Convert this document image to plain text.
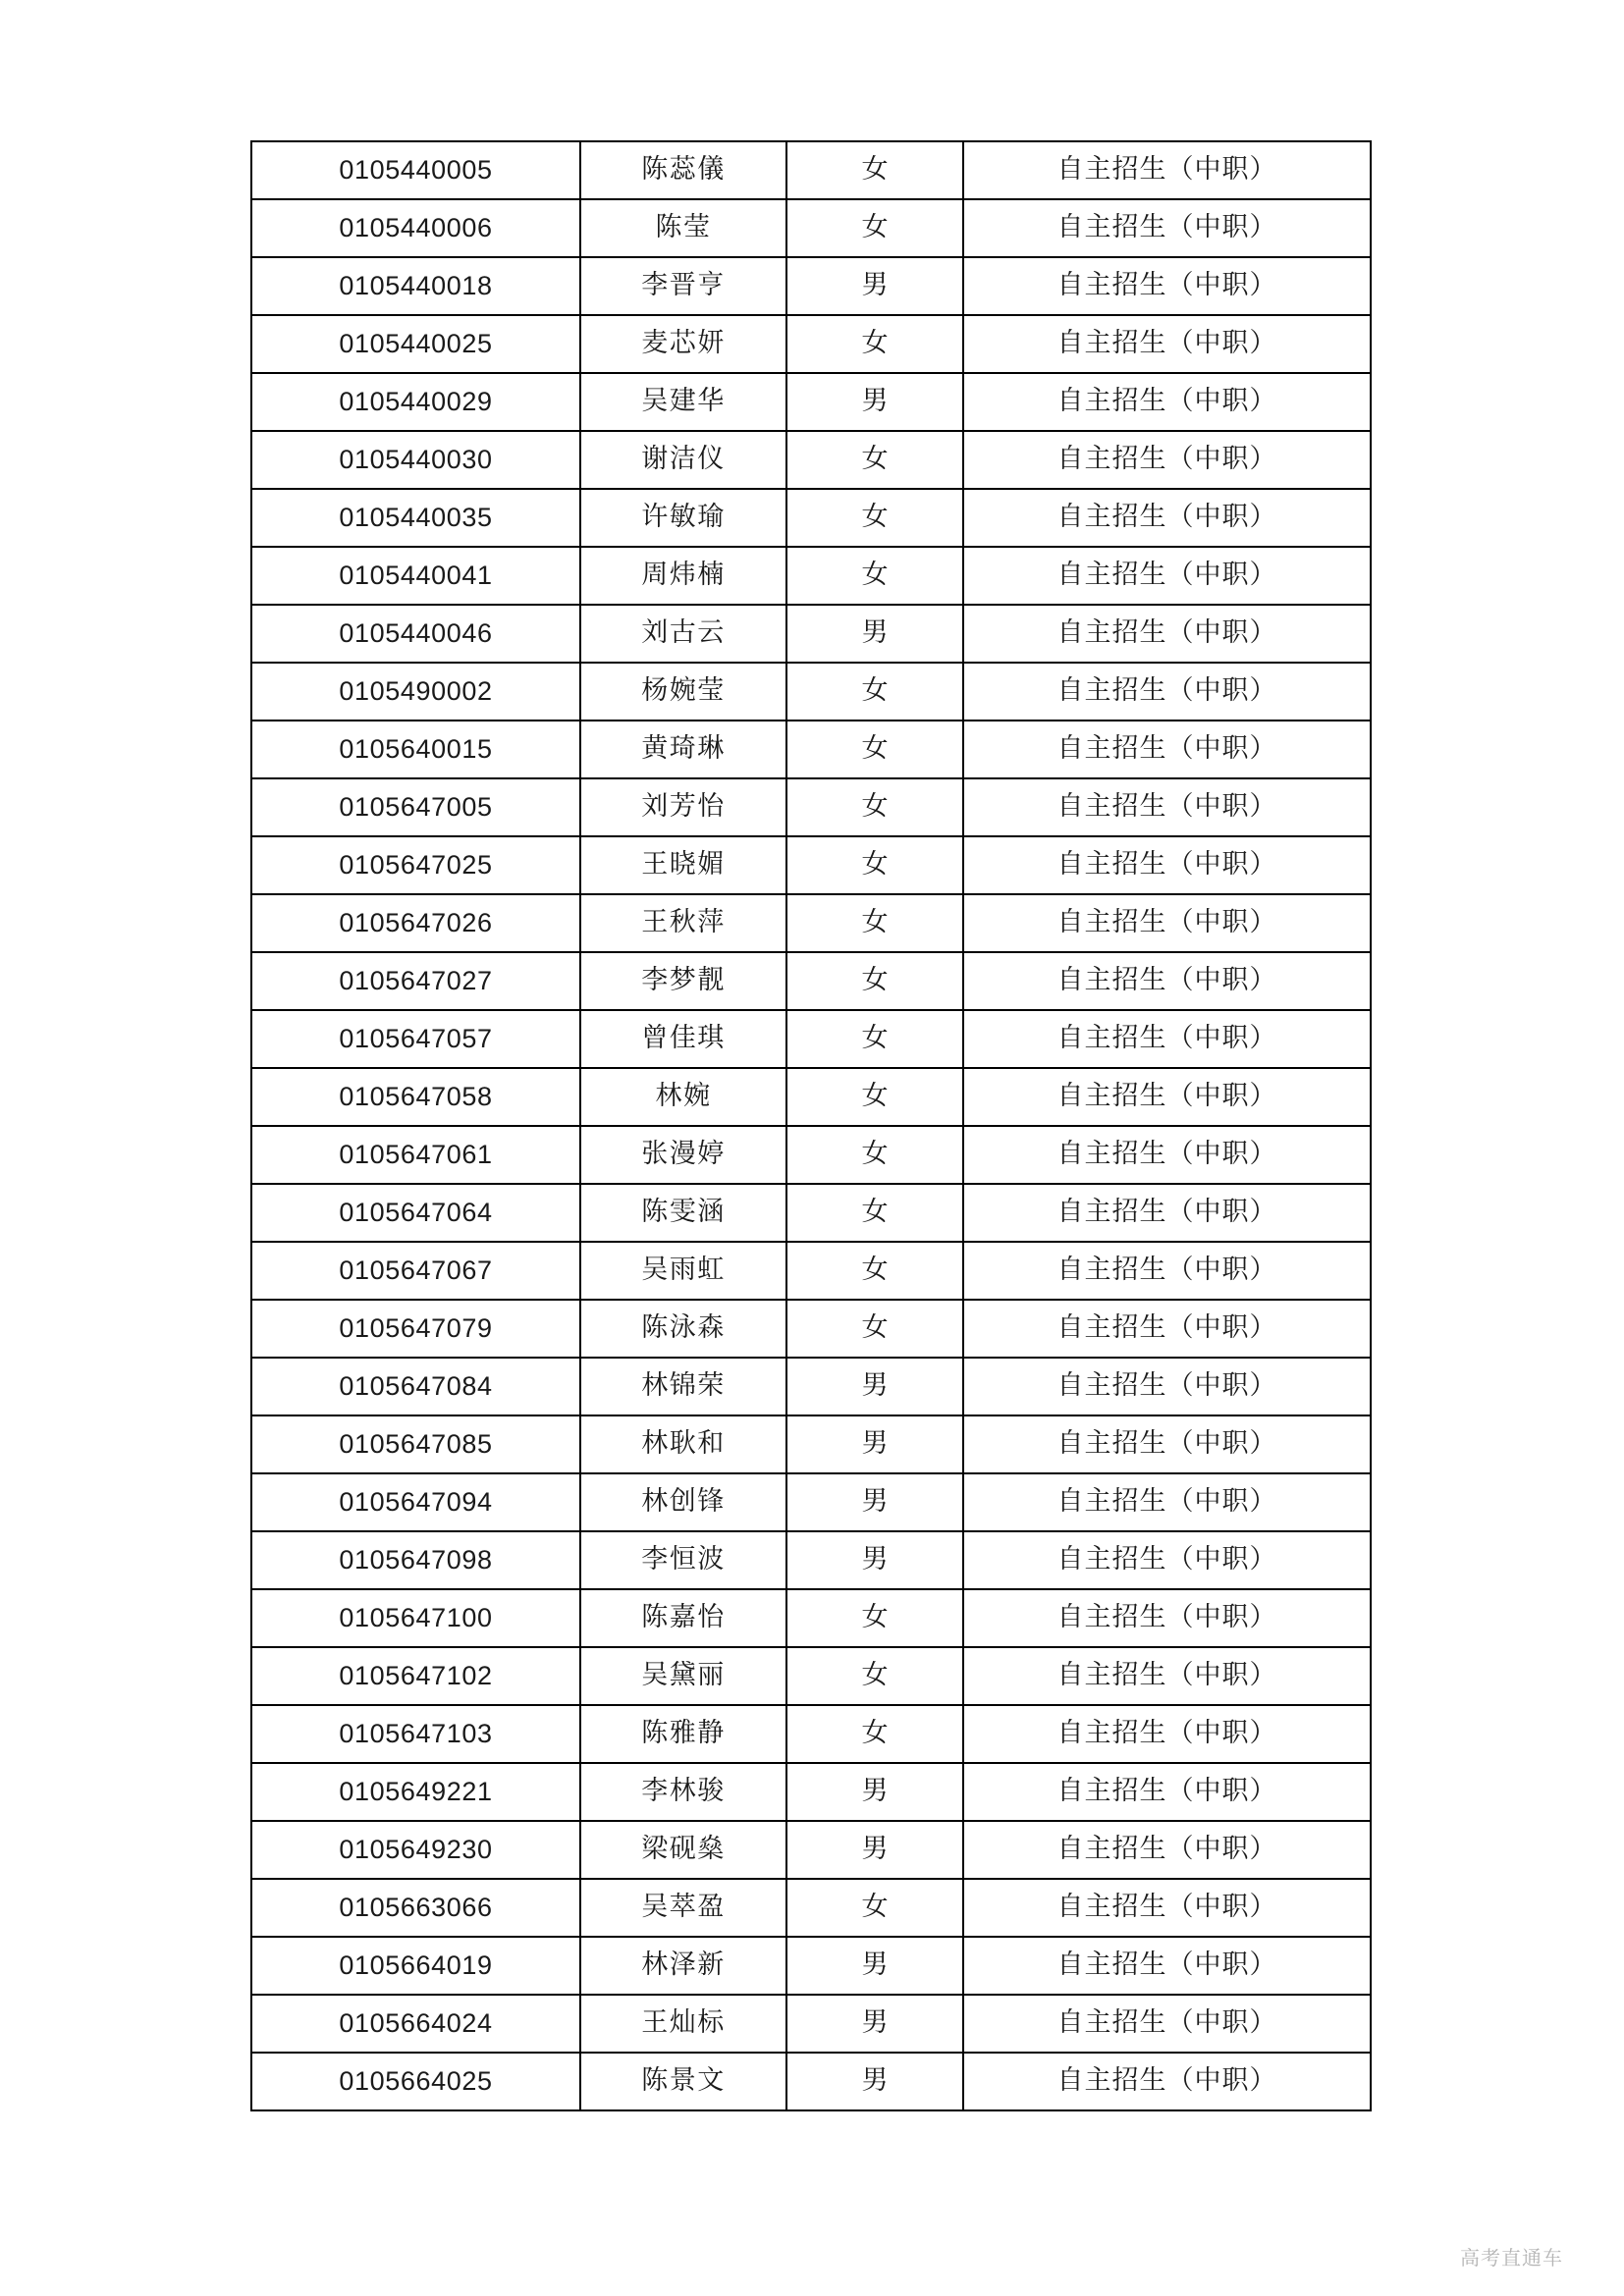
0105440005	陈蕊儀	女	自主招生（中职）
0105440006	陈莹	女	自主招生（中职）
0105440018	李晋亨	男	自主招生（中职）
0105440025	麦芯妍	女	自主招生（中职）
0105440029	吴建华	男	自主招生（中职）
0105440030	谢洁仪	女	自主招生（中职）
0105440035	许敏瑜	女	自主招生（中职）
0105440041	周炜楠	女	自主招生（中职）
0105440046	刘古云	男	自主招生（中职）
0105490002	杨婉莹	女	自主招生（中职）
0105640015	黄琦琳	女	自主招生（中职）
0105647005	刘芳怡	女	自主招生（中职）
0105647025	王晓媚	女	自主招生（中职）
0105647026	王秋萍	女	自主招生（中职）
0105647027	李梦靓	女	自主招生（中职）
0105647057	曾佳琪	女	自主招生（中职）
0105647058	林婉	女	自主招生（中职）
0105647061	张漫婷	女	自主招生（中职）
0105647064	陈雯涵	女	自主招生（中职）
0105647067	吴雨虹	女	自主招生（中职）
0105647079	陈泳森	女	自主招生（中职）
0105647084	林锦荣	男	自主招生（中职）
0105647085	林耿和	男	自主招生（中职）
0105647094	林创锋	男	自主招生（中职）
0105647098	李恒波	男	自主招生（中职）
0105647100	陈嘉怡	女	自主招生（中职）
0105647102	吴黛丽	女	自主招生（中职）
0105647103	陈雅静	女	自主招生（中职）
0105649221	李林骏	男	自主招生（中职）
0105649230	梁砚燊	男	自主招生（中职）
0105663066	吴萃盈	女	自主招生（中职）
0105664019	林泽新	男	自主招生（中职）
0105664024	王灿标	男	自主招生（中职）
0105664025	陈景文	男	自主招生（中职）
高考直通车
